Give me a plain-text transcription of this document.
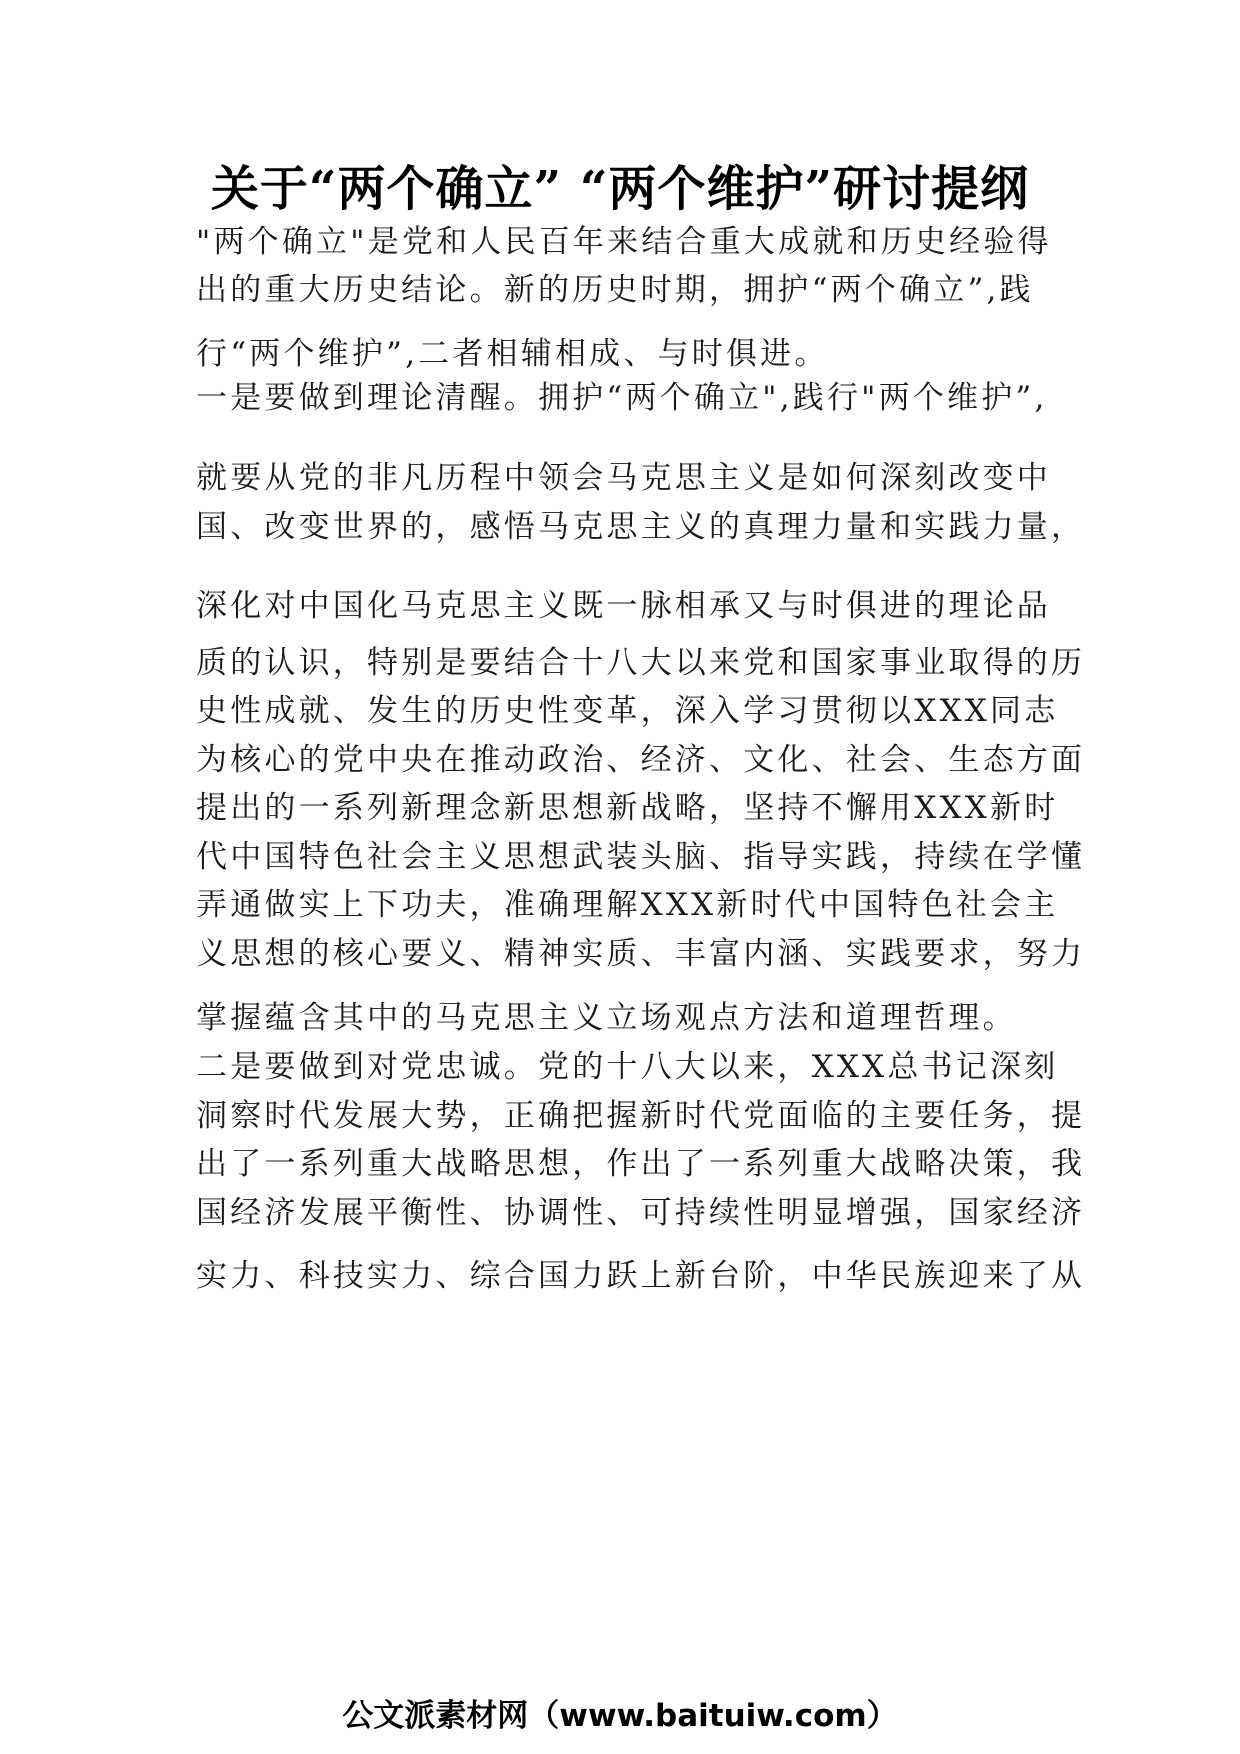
关于“两个确立” “两个维护”研讨提纲
"两个确立"是党和人民百年来结合重大成就和历史经验得
出的重大历史结论。新的历史时期，拥护“两个确立”,践
行“两个维护”,二者相辅相成、与时俱进。
一是要做到理论清醒。拥护“两个确立",践行"两个维护”,
就要从党的非凡历程中领会马克思主义是如何深刻改变中
国、改变世界的，感悟马克思主义的真理力量和实践力量，
深化对中国化马克思主义既一脉相承又与时俱进的理论品
质的认识，特别是要结合十八大以来党和国家事业取得的历
史性成就、发生的历史性变革，深入学习贯彻以XXX同志
为核心的党中央在推动政治、经济、文化、社会、生态方面
提出的一系列新理念新思想新战略，坚持不懈用XXX新时
代中国特色社会主义思想武装头脑、指导实践，持续在学懂
弄通做实上下功夫，准确理解XXX新时代中国特色社会主
义思想的核心要义、精神实质、丰富内涵、实践要求，努力
掌握蕴含其中的马克思主义立场观点方法和道理哲理。
二是要做到对党忠诚。党的十八大以来，XXX总书记深刻
洞察时代发展大势，正确把握新时代党面临的主要任务，提
出了一系列重大战略思想，作出了一系列重大战略决策，我
国经济发展平衡性、协调性、可持续性明显增强，国家经济
实力、科技实力、综合国力跃上新台阶，中华民族迎来了从
公文派素材网（www.baituiw.com）
